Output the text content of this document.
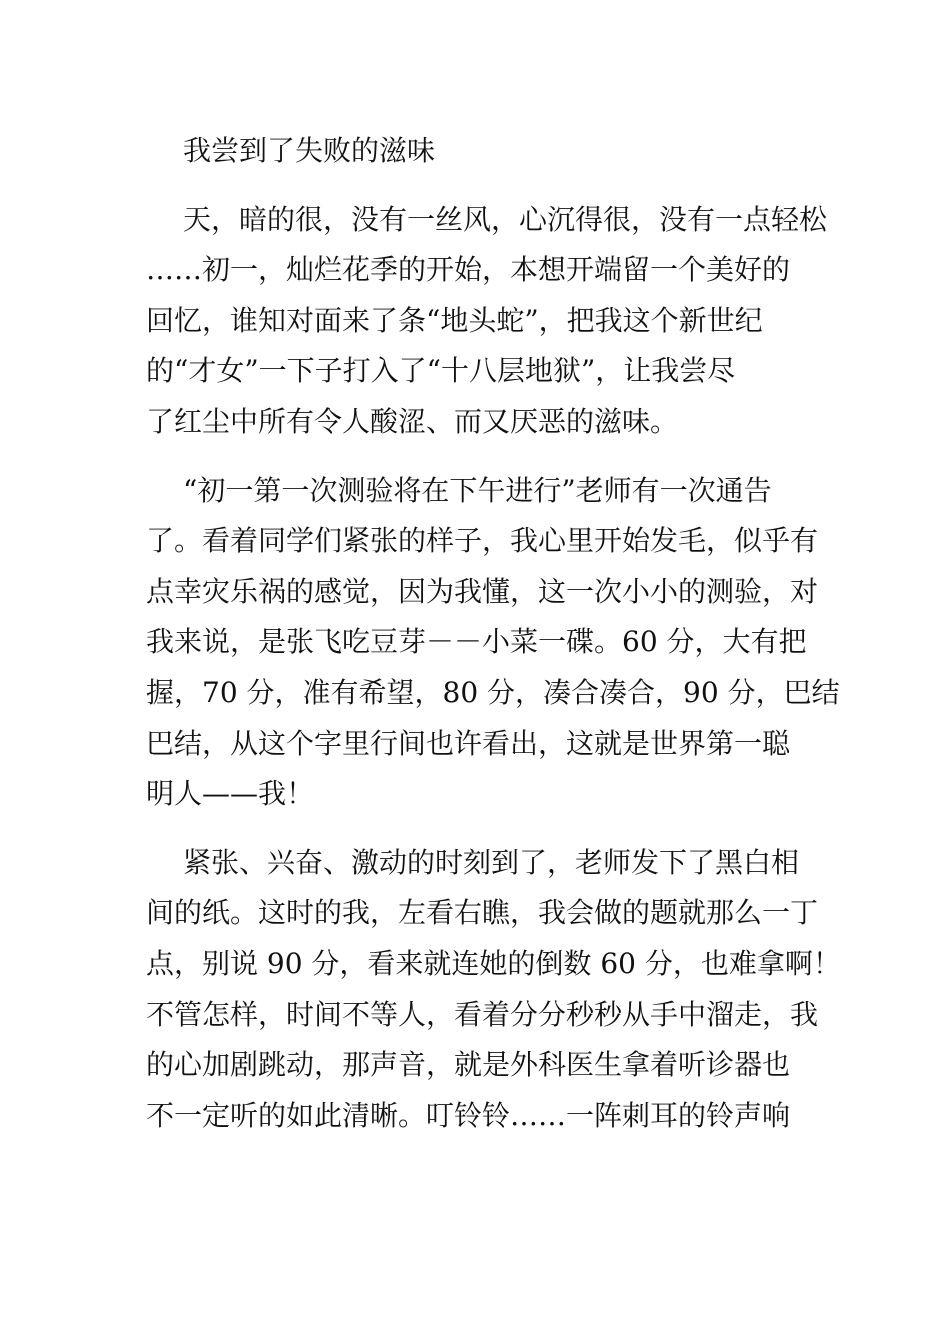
我尝到了失败的滋味
天，暗的很，没有一丝风，心沉得很，没有一点轻松
……初一，灿烂花季的开始，本想开端留一个美好的
回忆，谁知对面来了条“地头蛇”，把我这个新世纪
的“才女”一下子打入了“十八层地狱”，让我尝尽
了红尘中所有令人酸涩、而又厌恶的滋味。
“初一第一次测验将在下午进行”老师有一次通告
了。看着同学们紧张的样子，我心里开始发毛，似乎有
点幸灾乐祸的感觉，因为我懂，这一次小小的测验，对
我来说，是张飞吃豆芽－－小菜一碟。60 分，大有把
握，70 分，准有希望，80 分，凑合凑合，90 分，巴结
巴结，从这个字里行间也许看出，这就是世界第一聪
明人——我！
紧张、兴奋、激动的时刻到了，老师发下了黑白相
间的纸。这时的我，左看右瞧，我会做的题就那么一丁
点，别说 90 分，看来就连她的倒数 60 分，也难拿啊！
不管怎样，时间不等人，看着分分秒秒从手中溜走，我
的心加剧跳动，那声音，就是外科医生拿着听诊器也
不一定听的如此清晰。叮铃铃……一阵刺耳的铃声响
